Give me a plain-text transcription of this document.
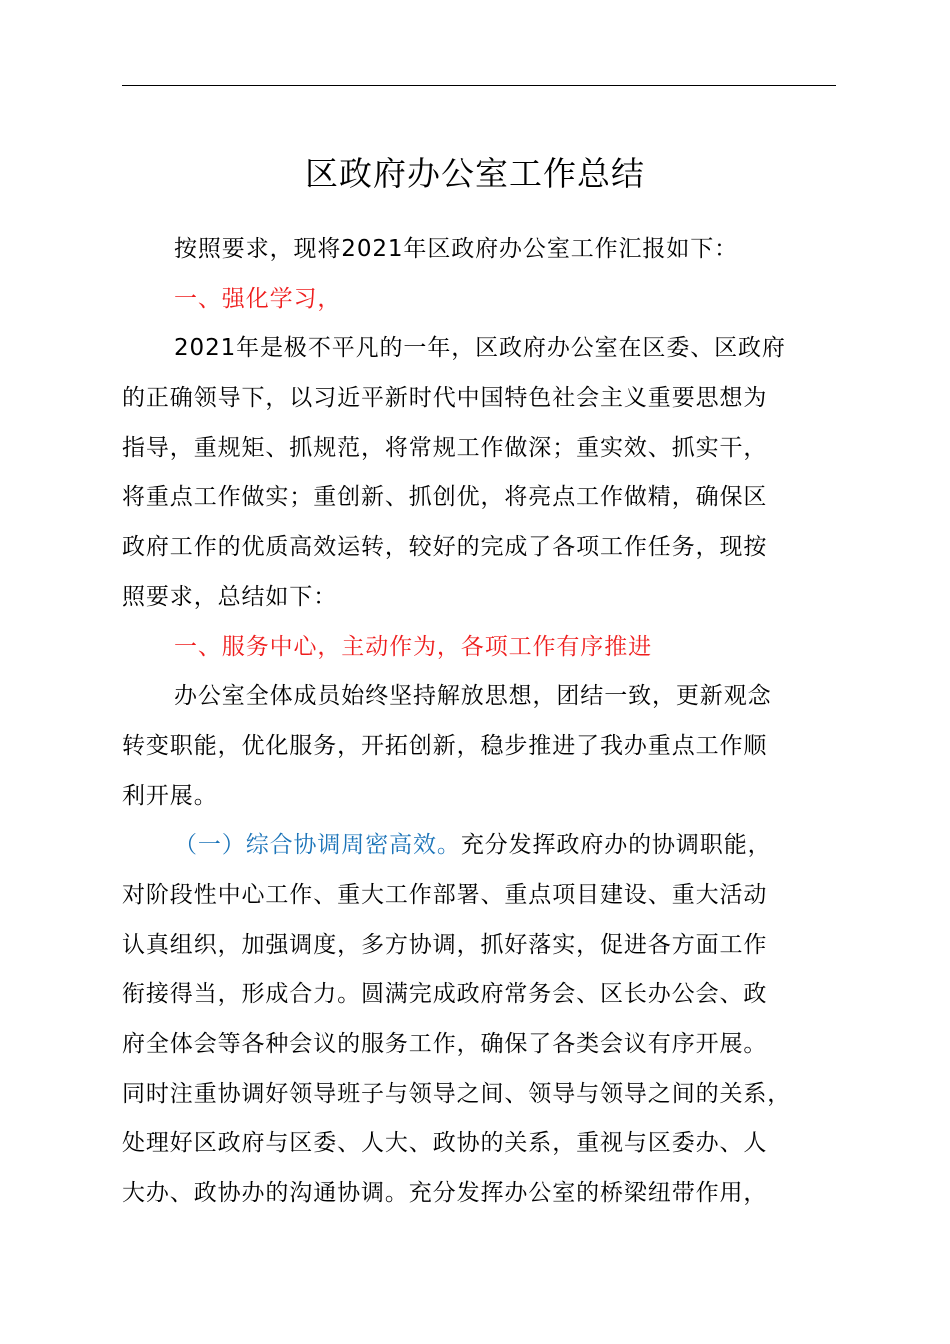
区政府办公室工作总结
按照要求，现将2021年区政府办公室工作汇报如下：
一、强化学习，
2021年是极不平凡的一年，区政府办公室在区委、区政府
的正确领导下，以习近平新时代中国特色社会主义重要思想为
指导，重规矩、抓规范，将常规工作做深；重实效、抓实干，
将重点工作做实；重创新、抓创优，将亮点工作做精，确保区
政府工作的优质高效运转，较好的完成了各项工作任务，现按
照要求，总结如下：
一、服务中心，主动作为，各项工作有序推进
办公室全体成员始终坚持解放思想，团结一致，更新观念
转变职能，优化服务，开拓创新，稳步推进了我办重点工作顺
利开展。
（一）综合协调周密高效。充分发挥政府办的协调职能，
对阶段性中心工作、重大工作部署、重点项目建设、重大活动
认真组织，加强调度，多方协调，抓好落实，促进各方面工作
衔接得当，形成合力。圆满完成政府常务会、区长办公会、政
府全体会等各种会议的服务工作，确保了各类会议有序开展。
同时注重协调好领导班子与领导之间、领导与领导之间的关系，
处理好区政府与区委、人大、政协的关系，重视与区委办、人
大办、政协办的沟通协调。充分发挥办公室的桥梁纽带作用，
